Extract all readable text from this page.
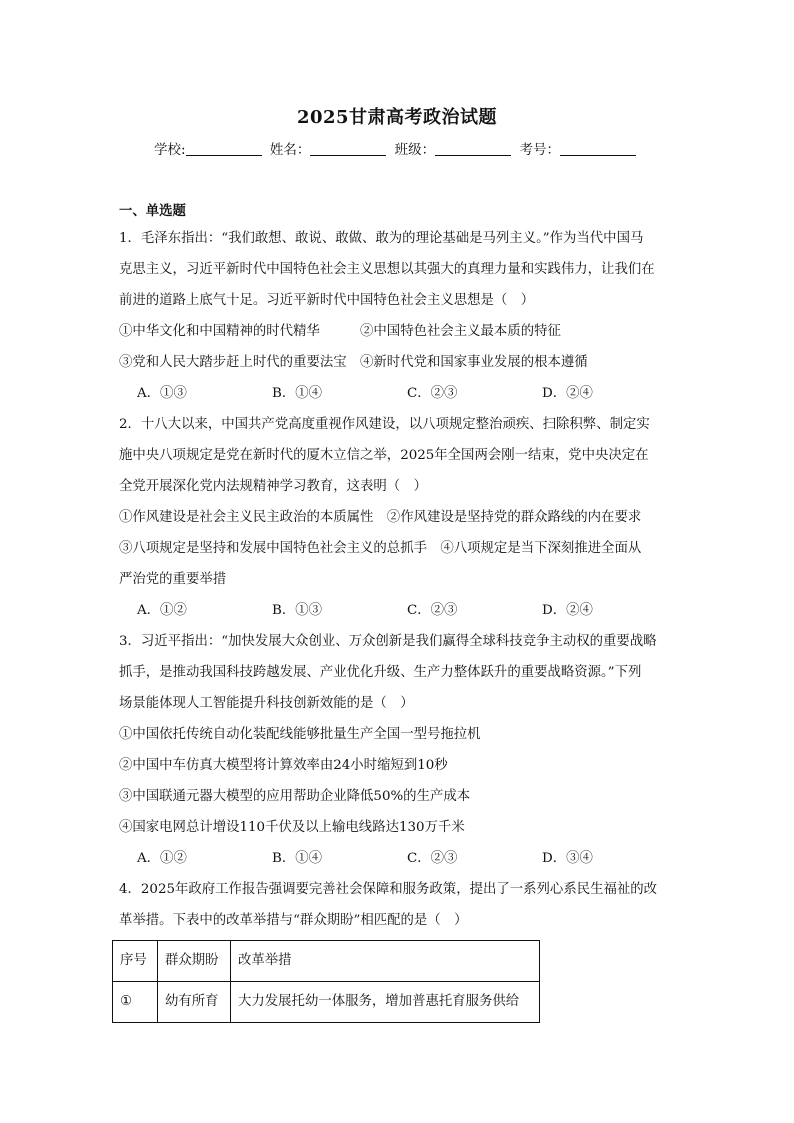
2025甘肃高考政治试题
学校:	姓名：	班级：	考号：
一、单选题

1．毛泽东指出：“我们敢想、敢说、敢做、敢为的理论基础是马列主义。”作为当代中国马

克思主义，习近平新时代中国特色社会主义思想以其强大的真理力量和实践伟力，让我们在

前进的道路上底气十足。习近平新时代中国特色社会主义思想是（　）

①中华文化和中国精神的时代精华　　　②中国特色社会主义最本质的特征

③党和人民大踏步赶上时代的重要法宝　④新时代党和国家事业发展的根本遵循

A．①③	B．①④	C．②③	D．②④

2．十八大以来，中国共产党高度重视作风建设，以八项规定整治顽疾、扫除积弊、制定实

施中央八项规定是党在新时代的厦木立信之举，2025年全国两会刚一结束，党中央决定在

全党开展深化党内法规精神学习教育，这表明（　）

①作风建设是社会主义民主政治的本质属性　②作风建设是坚持党的群众路线的内在要求

③八项规定是坚持和发展中国特色社会主义的总抓手　④八项规定是当下深刻推进全面从

严治党的重要举措

A．①②	B．①③	C．②③	D．②④

3．习近平指出：“加快发展大众创业、万众创新是我们赢得全球科技竞争主动权的重要战略

抓手，是推动我国科技跨越发展、产业优化升级、生产力整体跃升的重要战略资源。”下列

场景能体现人工智能提升科技创新效能的是（　）

①中国依托传统自动化装配线能够批量生产全国一型号拖拉机

②中国中车仿真大模型将计算效率由24小时缩短到10秒

③中国联通元器大模型的应用帮助企业降低50%的生产成本

④国家电网总计增设110千伏及以上输电线路达130万千米

A．①②	B．①④	C．②③	D．③④

4．2025年政府工作报告强调要完善社会保障和服务政策，提出了一系列心系民生福祉的改

革举措。下表中的改革举措与“群众期盼”相匹配的是（　）

序号	群众期盼	改革举措
①	幼有所育	大力发展托幼一体服务，增加普惠托育服务供给
